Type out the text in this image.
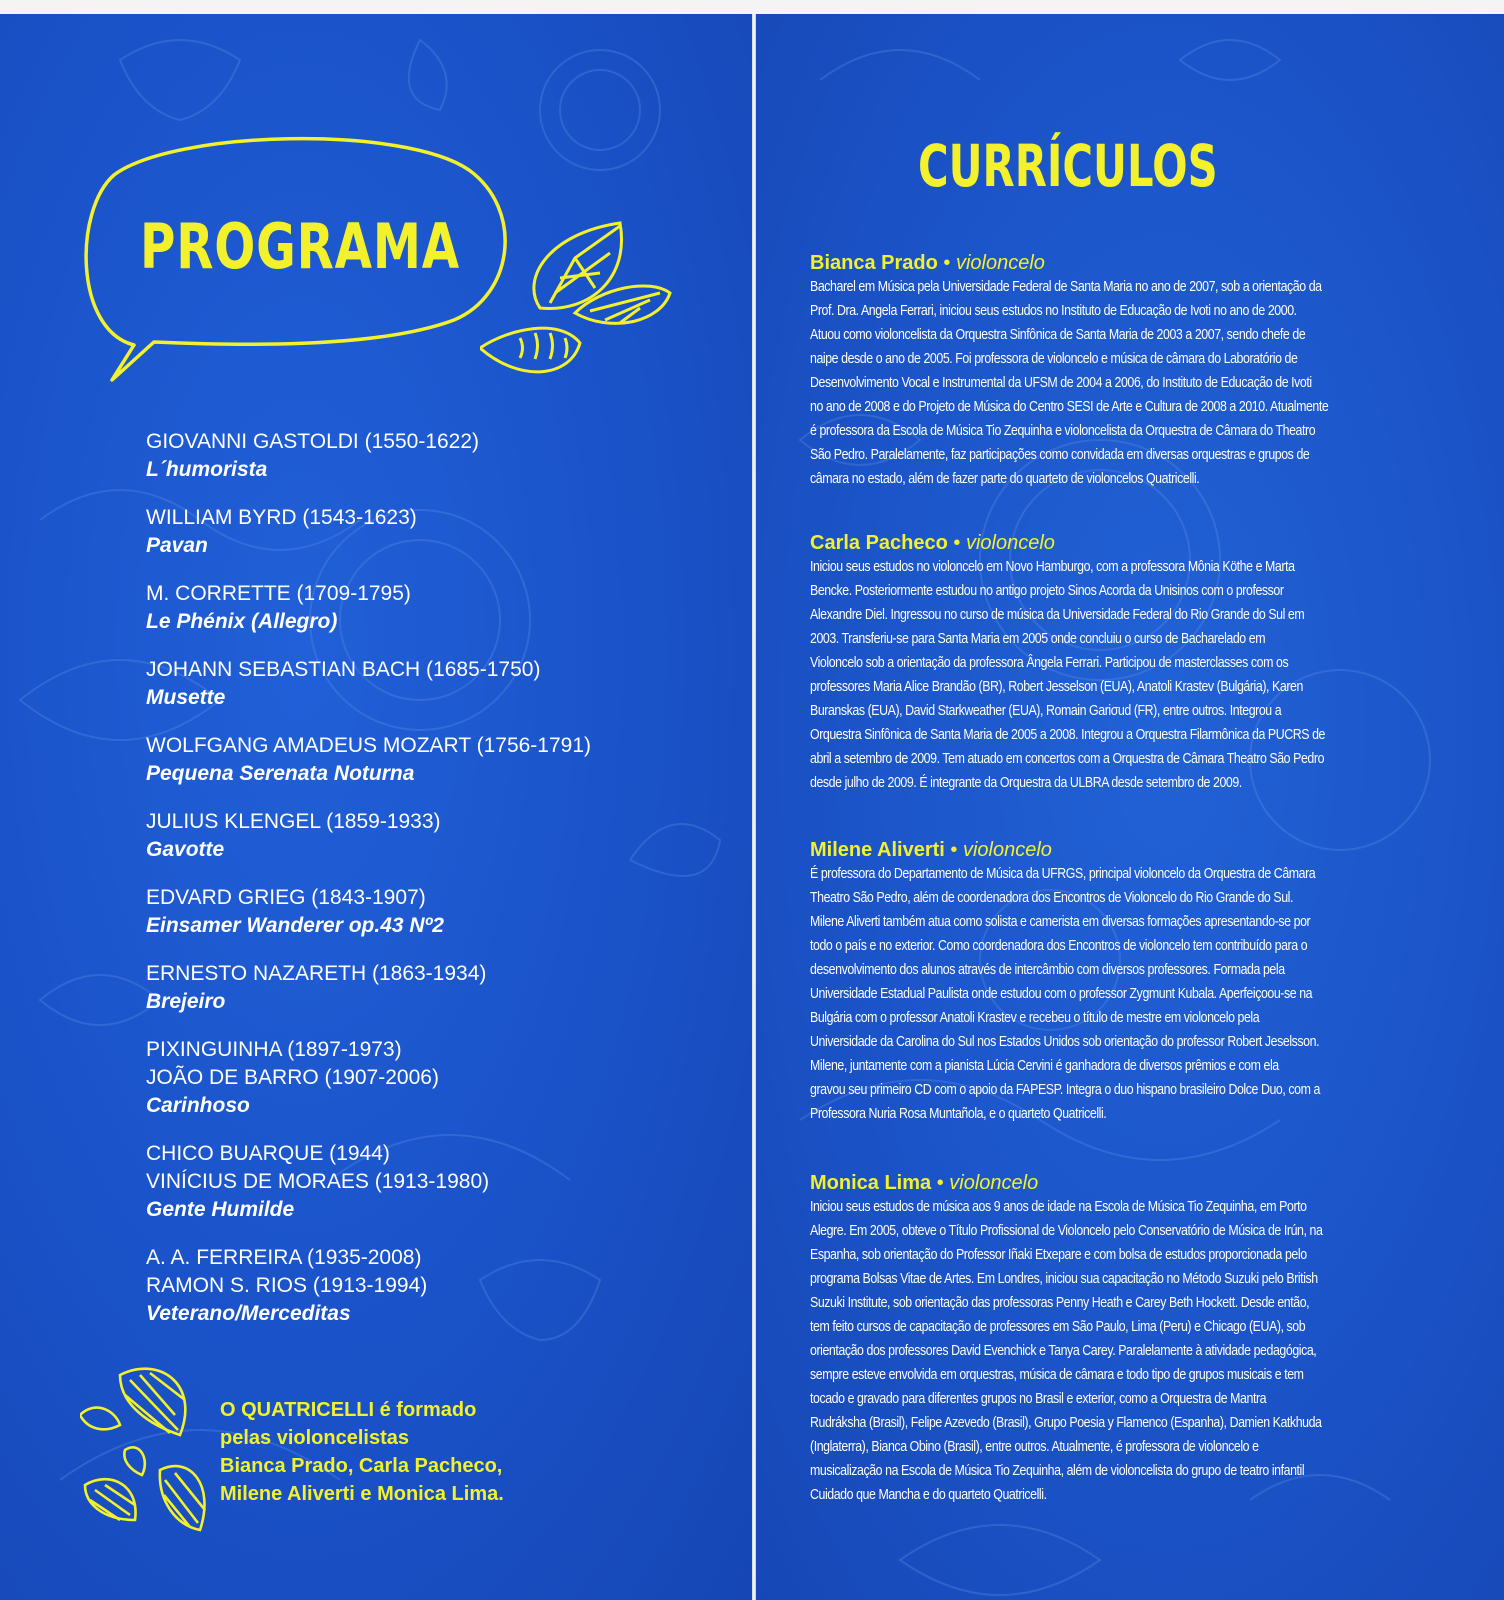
PROGRAMA
GIOVANNI GASTOLDI (1550-1622)
L´humorista
WILLIAM BYRD (1543-1623)
Pavan
M. CORRETTE (1709-1795)
Le Phénix (Allegro)
JOHANN SEBASTIAN BACH (1685-1750)
Musette
WOLFGANG AMADEUS MOZART (1756-1791)
Pequena Serenata Noturna
JULIUS KLENGEL (1859-1933)
Gavotte
EDVARD GRIEG (1843-1907)
Einsamer Wanderer op.43 Nº2
ERNESTO NAZARETH (1863-1934)
Brejeiro
PIXINGUINHA (1897-1973)
JOÃO DE BARRO (1907-2006)
Carinhoso
CHICO BUARQUE (1944)
VINÍCIUS DE MORAES (1913-1980)
Gente Humilde
A. A. FERREIRA (1935-2008)
RAMON S. RIOS (1913-1994)
Veterano/Merceditas
O QUATRICELLI é formado
pelas violoncelistas
Bianca Prado, Carla Pacheco,
Milene Aliverti e Monica Lima.
CURRÍCULOS
Bianca Prado • violoncelo
Bacharel em Música pela Universidade Federal de Santa Maria no ano de 2007, sob a orientação da
Prof. Dra. Angela Ferrari, iniciou seus estudos no Instituto de Educação de Ivoti no ano de 2000.
Atuou como violoncelista da Orquestra Sinfônica de Santa Maria de 2003 a 2007, sendo chefe de
naipe desde o ano de 2005. Foi professora de violoncelo e música de câmara do Laboratório de
Desenvolvimento Vocal e Instrumental da UFSM de 2004 a 2006, do Instituto de Educação de Ivoti
no ano de 2008 e do Projeto de Música do Centro SESI de Arte e Cultura de 2008 a 2010. Atualmente
é professora da Escola de Música Tio Zequinha e violoncelista da Orquestra de Câmara do Theatro
São Pedro. Paralelamente, faz participações como convidada em diversas orquestras e grupos de
câmara no estado, além de fazer parte do quarteto de violoncelos Quatricelli.
Carla Pacheco • violoncelo
Iniciou seus estudos no violoncelo em Novo Hamburgo, com a professora Mônia Köthe e Marta
Bencke. Posteriormente estudou no antigo projeto Sinos Acorda da Unisinos com o professor
Alexandre Diel. Ingressou no curso de música da Universidade Federal do Rio Grande do Sul em
2003. Transferiu-se para Santa Maria em 2005 onde concluiu o curso de Bacharelado em
Violoncelo sob a orientação da professora Ângela Ferrari. Participou de masterclasses com os
professores Maria Alice Brandão (BR), Robert Jesselson (EUA), Anatoli Krastev (Bulgária), Karen
Buranskas (EUA), David Starkweather (EUA), Romain Gariσud (FR), entre outros. Integrou a
Orquestra Sinfônica de Santa Maria de 2005 a 2008. Integrou a Orquestra Filarmônica da PUCRS de
abril a setembro de 2009. Tem atuado em concertos com a Orquestra de Câmara Theatro São Pedro
desde julho de 2009. É integrante da Orquestra da ULBRA desde setembro de 2009.
Milene Aliverti • violoncelo
É professora do Departamento de Música da UFRGS, principal violoncelo da Orquestra de Câmara
Theatro São Pedro, além de coordenadora dos Encontros de Violoncelo do Rio Grande do Sul.
Milene Aliverti também atua como solista e camerista em diversas formações apresentando-se por
todo o país e no exterior. Como coordenadora dos Encontros de violoncelo tem contribuído para o
desenvolvimento dos alunos através de intercâmbio com diversos professores. Formada pela
Universidade Estadual Paulista onde estudou com o professor Zygmunt Kubala. Aperfeiçoou-se na
Bulgária com o professor Anatoli Krastev e recebeu o título de mestre em violoncelo pela
Universidade da Carolina do Sul nos Estados Unidos sob orientação do professor Robert Jeselsson.
Milene, juntamente com a pianista Lúcia Cervini é ganhadora de diversos prêmios e com ela
gravou seu primeiro CD com o apoio da FAPESP. Integra o duo hispano brasileiro Dolce Duo, com a
Professora Nuria Rosa Muntañola, e o quarteto Quatricelli.
Monica Lima • violoncelo
Iniciou seus estudos de música aos 9 anos de idade na Escola de Música Tio Zequinha, em Porto
Alegre. Em 2005, obteve o Título Profissional de Violoncelo pelo Conservatório de Música de Irún, na
Espanha, sob orientação do Professor Iñaki Etxepare e com bolsa de estudos proporcionada pelo
programa Bolsas Vitae de Artes. Em Londres, iniciou sua capacitação no Método Suzuki pelo British
Suzuki Institute, sob orientação das professoras Penny Heath e Carey Beth Hockett. Desde então,
tem feito cursos de capacitação de professores em São Paulo, Lima (Peru) e Chicago (EUA), sob
orientação dos professores David Evenchick e Tanya Carey. Paralelamente à atividade pedagógica,
sempre esteve envolvida em orquestras, música de câmara e todo tipo de grupos musicais e tem
tocado e gravado para diferentes grupos no Brasil e exterior, como a Orquestra de Mantra
Rudráksha (Brasil), Felipe Azevedo (Brasil), Grupo Poesia y Flamenco (Espanha), Damien Katkhuda
(Inglaterra), Bianca Obino (Brasil), entre outros. Atualmente, é professora de violoncelo e
musicalização na Escola de Música Tio Zequinha, além de violoncelista do grupo de teatro infantil
Cuidado que Mancha e do quarteto Quatricelli.
